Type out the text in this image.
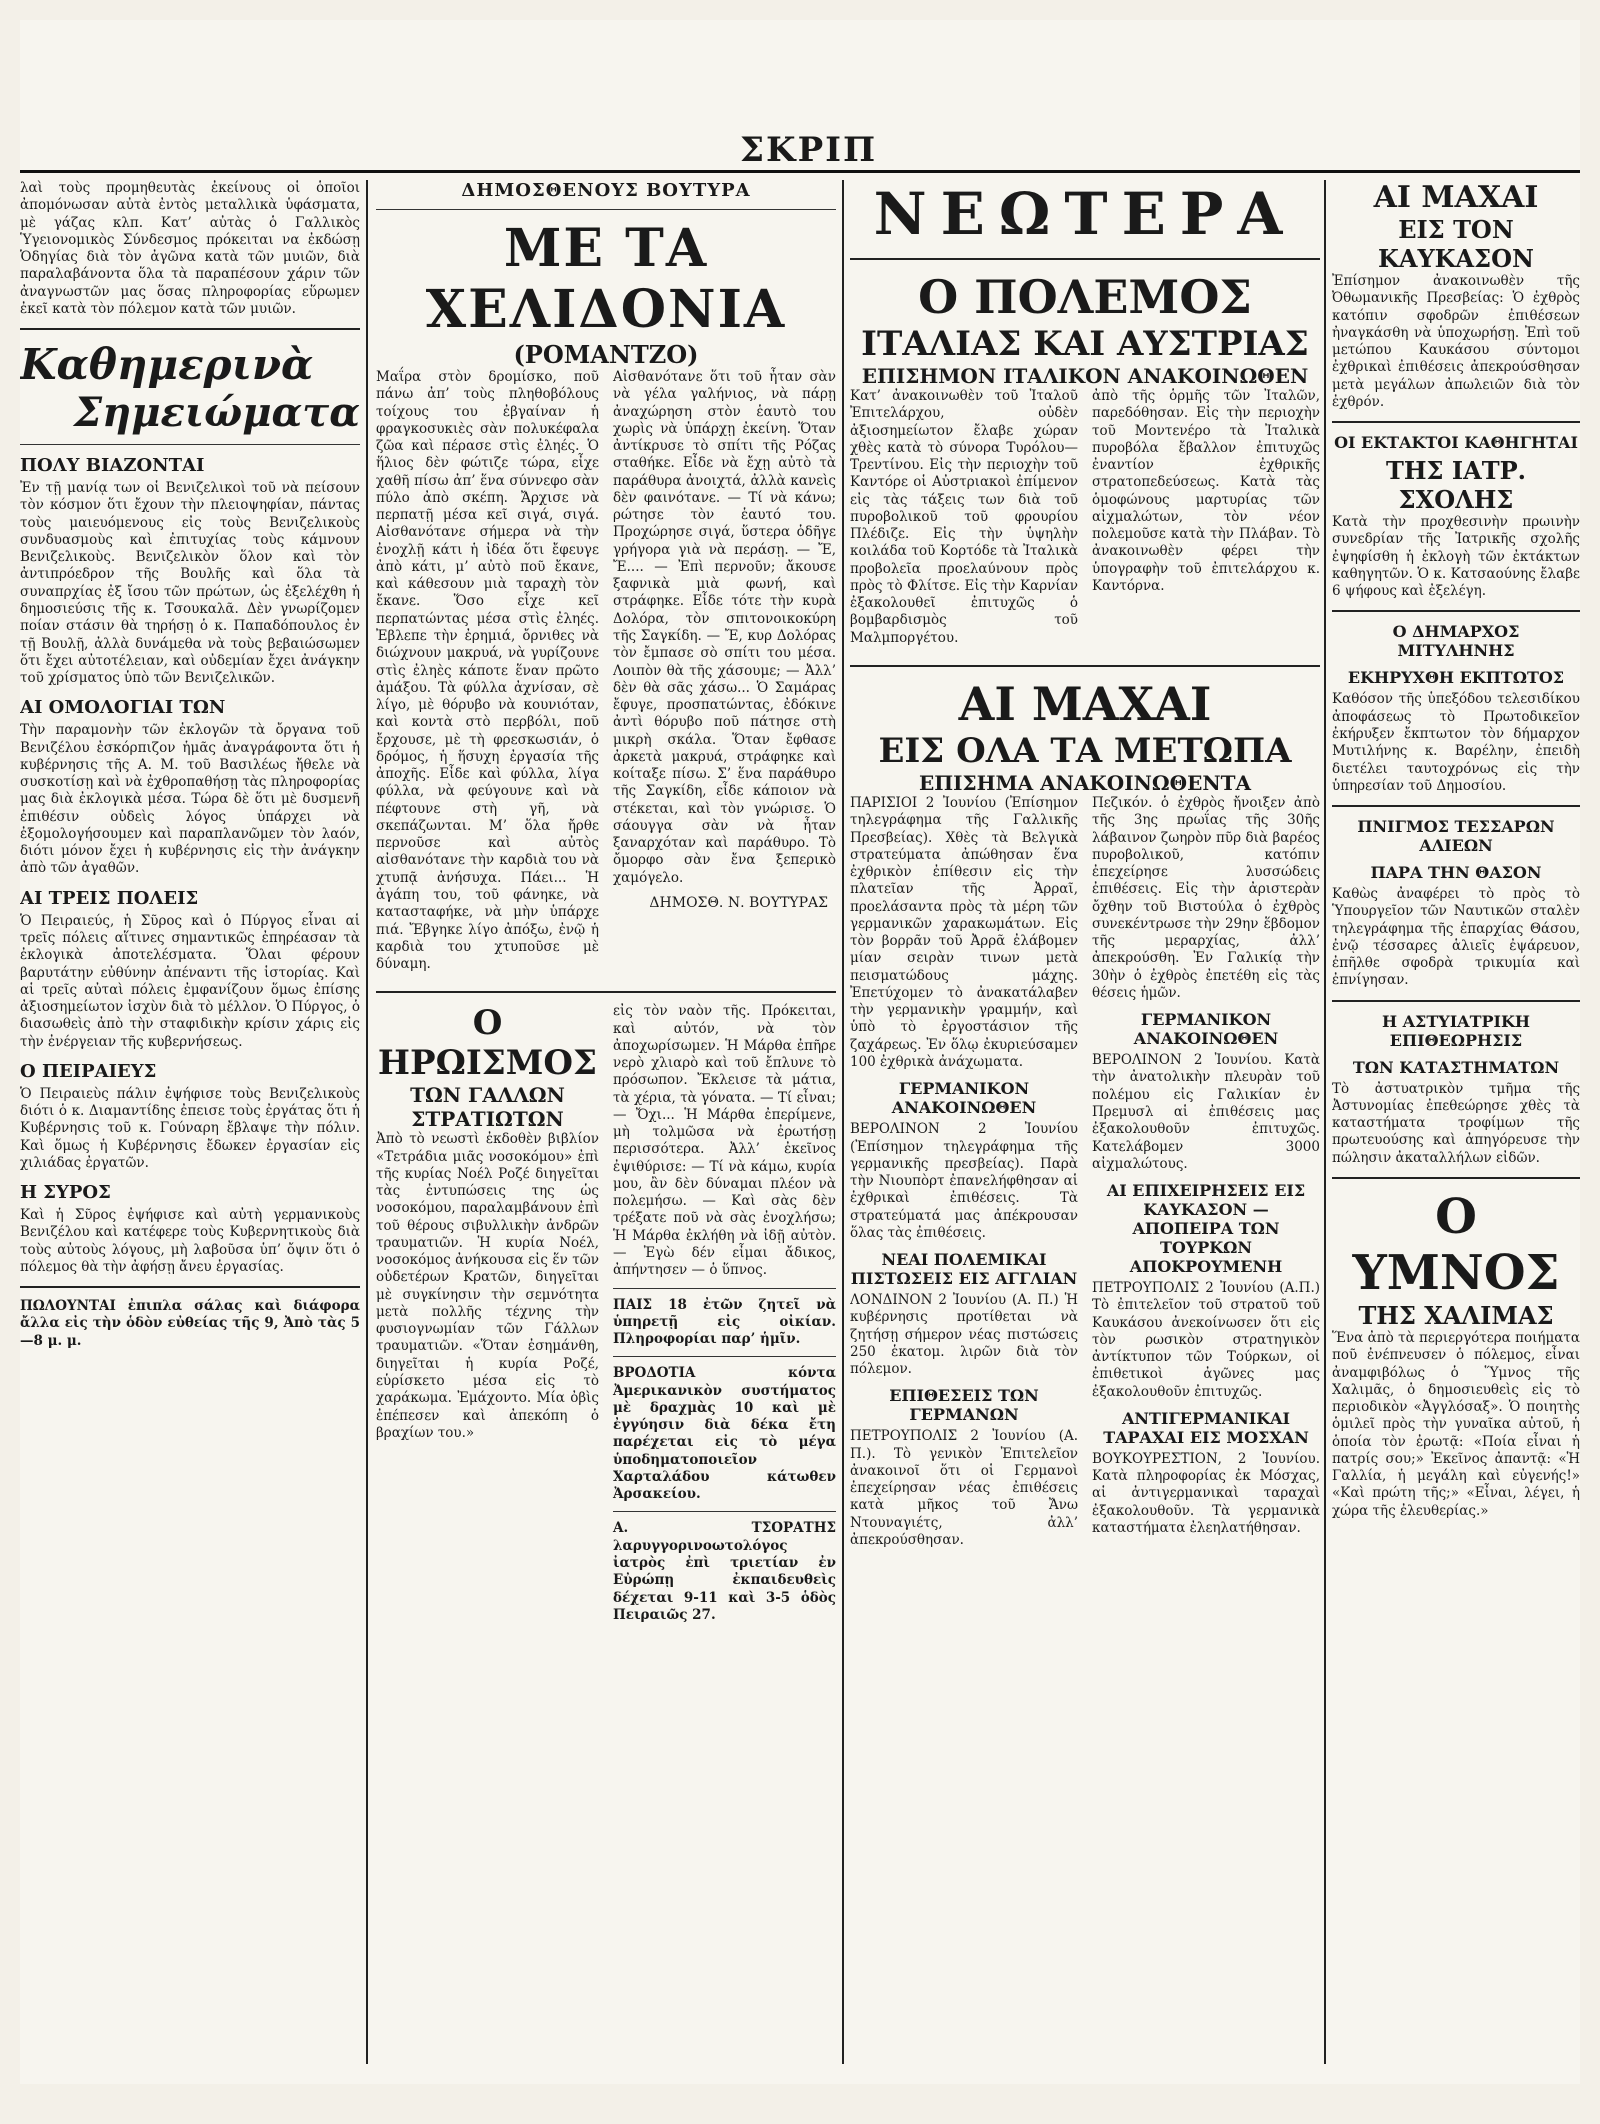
ΣΚΡΙΠ

λαὶ τοὺς προμηθευτὰς ἐκείνους οἱ ὁποῖοι ἀπομόνωσαν αὐτὰ ἐντὸς μεταλλικὰ ὑφάσματα, μὲ γάζας κλπ. Κατ’ αὐτὰς ὁ Γαλλικὸς Ὑγειονομικὸς Σύνδεσμος πρόκειται να ἐκδώσῃ Ὁδηγίας διὰ τὸν ἀγῶνα κατὰ τῶν μυιῶν, διὰ παραλαβάνοντα ὅλα τὰ παραπέσουν χάριν τῶν ἀναγνωστῶν μας ὅσας πληροφορίας εὕρωμεν ἐκεῖ κατὰ τὸν πόλεμον κατὰ τῶν μυιῶν.

Καθημερινὰ
Σημειώματα
ΠΟΛΥ ΒΙΑΖΟΝΤΑΙ

Ἐν τῇ μανίᾳ των οἱ Βενιζελικοὶ τοῦ νὰ πείσουν τὸν κόσμον ὅτι ἔχουν τὴν πλειοψηφίαν, πάντας τοὺς μαιευόμενους εἰς τοὺς Βενιζελικοὺς συνδυασμοὺς καὶ ἐπιτυχίας τοὺς κάμνουν Βενιζελικοὺς. Βενιζελικὸν ὅλον καὶ τὸν ἀντιπρόεδρον τῆς Βουλῆς καὶ ὅλα τὰ συναπρχίας ἐξ ἴσου τῶν πρώτων, ὡς ἐξελέχθη ἡ δημοσιεύσις τῆς κ. Τσουκαλᾶ. Δὲν γνωρίζομεν ποίαν στάσιν θὰ τηρήσῃ ὁ κ. Παπαδόπουλος ἐν τῇ Βουλῇ, ἀλλὰ δυνάμεθα νὰ τοὺς βεβαιώσωμεν ὅτι ἔχει αὐτοτέλειαν, καὶ οὐδεμίαν ἔχει ἀνάγκην τοῦ χρίσματος ὑπὸ τῶν Βενιζελικῶν.

ΑΙ ΟΜΟΛΟΓΙΑΙ ΤΩΝ

Τὴν παραμονὴν τῶν ἐκλογῶν τὰ ὄργανα τοῦ Βενιζέλου ἐσκόρπιζον ἡμᾶς ἀναγράφοντα ὅτι ἡ κυβέρνησις τῆς Α. Μ. τοῦ Βασιλέως ἤθελε νὰ συσκοτίσῃ καὶ νὰ ἐχθροπαθήσῃ τὰς πληροφορίας μας διὰ ἐκλογικὰ μέσα. Τώρα δὲ ὅτι μὲ δυσμενῆ ἐπιθέσιν οὐδεὶς λόγος ὑπάρχει νὰ ἐξομολογήσουμεν καὶ παραπλανῶμεν τὸν λαόν, διότι μόνον ἔχει ἡ κυβέρνησις εἰς τὴν ἀνάγκην ἀπὸ τῶν ἀγαθῶν.

ΑΙ ΤΡΕΙΣ ΠΟΛΕΙΣ

Ὁ Πειραιεύς, ἡ Σῦρος καὶ ὁ Πύργος εἶναι αἱ τρεῖς πόλεις αἵτινες σημαντικῶς ἐπηρέασαν τὰ ἐκλογικὰ ἀποτελέσματα. Ὅλαι φέρουν βαρυτάτην εὐθύνην ἀπέναντι τῆς ἱστορίας. Καὶ αἱ τρεῖς αὐταὶ πόλεις ἐμφανίζουν ὅμως ἐπίσης ἀξιοσημείωτον ἰσχὺν διὰ τὸ μέλλον. Ὁ Πύργος, ὁ διασωθεὶς ἀπὸ τὴν σταφιδικὴν κρίσιν χάρις εἰς τὴν ἐνέργειαν τῆς κυβερνήσεως.

Ο ΠΕΙΡΑΙΕΥΣ

Ὁ Πειραιεὺς πάλιν ἐψήφισε τοὺς Βενιζελικοὺς διότι ὁ κ. Διαμαντίδης ἐπεισε τοὺς ἐργάτας ὅτι ἡ Κυβέρνησις τοῦ κ. Γούναρη ἔβλαψε τὴν πόλιν. Καὶ ὅμως ἡ Κυβέρνησις ἔδωκεν ἐργασίαν εἰς χιλιάδας ἐργατῶν.

Η ΣΥΡΟΣ

Καὶ ἡ Σῦρος ἐψήφισε καὶ αὐτὴ γερμανικοὺς Βενιζέλου καὶ κατέφερε τοὺς Κυβερνητικοὺς διὰ τοὺς αὐτοὺς λόγους, μὴ λαβοῦσα ὑπ’ ὄψιν ὅτι ὁ πόλεμος θὰ τὴν ἀφήσῃ ἄνευ ἐργασίας.

ΠΩΛΟΥΝΤΑΙ ἐπιπλα σάλας καὶ διάφορα ἄλλα εἰς τὴν ὁδὸν εὐθείας τῆς 9, Ἀπὸ τὰς 5—8 μ. μ.

ΔΗΜΟΣΘΕΝΟΥΣ ΒΟΥΤΥΡΑ
ΜΕ ΤΑ ΧΕΛΙΔΟΝΙΑ
(ΡΟΜΑΝΤΖΟ)

Μαΐρα στὸν δρομίσκο, ποῦ πάνω ἀπ’ τοὺς πληθοβόλους τοίχους του ἐβγαίναν ἡ φραγκοσυκιὲς σὰν πολυκέφαλα ζῶα καὶ πέρασε στὶς ἐληές. Ὁ ἥλιος δὲν φώτιζε τώρα, εἶχε χαθῆ πίσω ἀπ’ ἕνα σύννεφο σὰν πύλο ἀπὸ σκέπη. Ἄρχισε νὰ περπατῇ μέσα κεῖ σιγά, σιγά. Αἰσθανότανε σήμερα νὰ τὴν ἐνοχλῇ κάτι ἡ ἰδέα ὅτι ἔφευγε ἀπὸ κάτι, μ’ αὐτὸ ποῦ ἔκανε, καὶ κάθεσουν μιὰ ταραχὴ τὸν ἔκανε. Ὅσο εἶχε κεῖ περπατώντας μέσα στὶς ἐληές. Ἐβλεπε τὴν ἐρημιά, ὄρνιθες νὰ διώχνουν μακρυά, νὰ γυρίζουνε στὶς ἐληὲς κάποτε ἕναν πρῶτο ἀμάξου. Τὰ φύλλα ἀχνίσαν, σὲ λίγο, μὲ θόρυβο νὰ κουνιόταν, καὶ κοντὰ στὸ περβόλι, ποῦ ἔρχουσε, μὲ τὴ φρεσκωσιάν, ὁ δρόμος, ἡ ἥσυχη ἐργασία τῆς ἀποχῆς. Εἶδε καὶ φύλλα, λίγα φύλλα, νὰ φεύγουνε καὶ νὰ πέφτουνε στὴ γῆ, νὰ σκεπάζωνται. Μ’ ὅλα ἤρθε περνοῦσε καὶ αὐτὸς αἰσθανότανε τὴν καρδιὰ του νὰ χτυπᾷ ἀνήσυχα. Πάει... Ἡ ἀγάπη του, τοῦ φάνηκε, νὰ κατασταφήκε, νὰ μὴν ὑπάρχε πιά. Ἔβγηκε λίγο ἀπόξω, ἐνῷ ἡ καρδιὰ του χτυποῦσε μὲ δύναμη.

Αἰσθανότανε ὅτι τοῦ ἦταν σὰν νὰ γέλα γαλήνιος, νὰ πάρῃ ἀναχώρηση στὸν ἑαυτὸ του χωρὶς νὰ ὑπάρχῃ ἐκείνη. Ὅταν ἀντίκρυσε τὸ σπίτι τῆς Ρόζας σταθήκε. Εἶδε νὰ ἔχῃ αὐτὸ τὰ παράθυρα ἀνοιχτά, ἀλλὰ κανεὶς δὲν φαινότανε. — Τί νὰ κάνω; ρώτησε τὸν ἑαυτό του. Προχώρησε σιγά, ὕστερα ὁδῆγε γρήγορα γιὰ νὰ περάσῃ. — Ἔ, Ἔ.... — Ἐπὶ περνοῦν; ἄκουσε ξαφνικὰ μιὰ φωνή, καὶ στράφηκε. Εἶδε τότε τὴν κυρὰ Δολόρα, τὸν σπιτονοικοκύρη τῆς Σαγκίδη. — Ἔ, κυρ Δολόρας τὸν ἔμπασε σὸ σπίτι του μέσα. Λοιπὸν θὰ τῆς χάσουμε; — Ἀλλ’ δὲν θὰ σᾶς χάσω... Ὁ Σαμάρας ἔφυγε, προσπατώντας, ἐδόκινε ἀντὶ θόρυβο ποῦ πάτησε στὴ μικρὴ σκάλα. Ὅταν ἔφθασε ἀρκετὰ μακρυά, στράφηκε καὶ κοίταξε πίσω. Σ’ ἕνα παράθυρο τῆς Σαγκίδη, εἶδε κάποιον νὰ στέκεται, καὶ τὸν γνώρισε. Ὁ σάουγγα σὰν νὰ ἦταν ξαναρχόταν καὶ παράθυρο. Τὸ ὄμορφο σὰν ἔνα ξεπερικὸ χαμόγελο.

ΔΗΜΟΣΘ. Ν. ΒΟΥΤΥΡΑΣ
Ο ΗΡΩΙΣΜΟΣ
ΤΩΝ ΓΑΛΛΩΝ ΣΤΡΑΤΙΩΤΩΝ

Ἀπὸ τὸ νεωστὶ ἐκδοθὲν βιβλίον «Τετράδια μιᾶς νοσοκόμου» ἐπὶ τῆς κυρίας Νοέλ Ροζέ διηγεῖται τὰς ἐντυπώσεις της ὡς νοσοκόμου, παραλαμβάνουν ἐπὶ τοῦ θέρους σιβυλλικὴν ἀνδρῶν τραυματιῶν. Ἡ κυρία Νοέλ, νοσοκόμος ἀνήκουσα εἰς ἕν τῶν οὐδετέρων Κρατῶν, διηγεῖται μὲ συγκίνησιν τὴν σεμνότητα μετὰ πολλῆς τέχνης τὴν φυσιογνωμίαν τῶν Γάλλων τραυματιῶν. «Ὅταν ἐσημάνθη, διηγεῖται ἡ κυρία Ροζέ, εὑρίσκετο μέσα εἰς τὸ χαράκωμα. Ἐμάχοντο. Μία ὀβὶς ἐπέπεσεν καὶ ἀπεκόπη ὁ βραχίων του.»

εἰς τὸν ναὸν τῆς. Πρόκειται, καὶ αὐτόν, νὰ τὸν ἀποχωρίσωμεν. Ἡ Μάρθα ἐπῆρε νερὸ χλιαρὸ καὶ τοῦ ἔπλυνε τὸ πρόσωπον. Ἔκλεισε τὰ μάτια, τὰ χέρια, τὰ γόνατα. — Τί εἶναι; — Ὄχι... Ἡ Μάρθα ἐπερίμενε, μὴ τολμῶσα νὰ ἐρωτήσῃ περισσότερα. Ἀλλ’ ἐκεῖνος ἐψιθύρισε: — Τί νὰ κάμω, κυρία μου, ἂν δὲν δύναμαι πλέον νὰ πολεμήσω. — Καὶ σὰς δὲν τρέξατε ποῦ νὰ σὰς ἐνοχλήσω; Ἡ Μάρθα ἐκλήθη νὰ ἰδῇ αὐτὸν. — Ἐγὼ δέν εἶμαι ἄδικος, ἀπήντησεν — ὁ ὕπνος.

ΠΑΙΣ 18 ἐτῶν ζητεῖ νὰ ὑπηρετῇ εἰς οἰκίαν. Πληροφορίαι παρ’ ἡμῖν.

ΒΡΟΔΟΤΙΑ κόντα Ἀμερικανικὸν συστήματος μὲ δραχμὰς 10 καὶ μὲ ἐγγύησιν διὰ δέκα ἔτη παρέχεται εἰς τὸ μέγα ὑποδηματοποιεῖον Χαρταλάδου κάτωθεν Ἀρσακείου.

Α. ΤΣΟΡΑΤΗΣ λαρυγγορινοωτολόγος ἰατρὸς ἐπὶ τριετίαν ἐν Εὐρώπῃ ἐκπαιδευθεὶς δέχεται 9-11 καὶ 3-5 ὁδὸς Πειραιῶς 27.

ΝΕΩΤΕΡΑ
Ο ΠΟΛΕΜΟΣ
ΙΤΑΛΙΑΣ ΚΑΙ ΑΥΣΤΡΙΑΣ
ΕΠΙΣΗΜΟΝ ΙΤΑΛΙΚΟΝ ΑΝΑΚΟΙΝΩΘΕΝ

Κατ’ ἀνακοινωθὲν τοῦ Ἰταλοῦ Ἐπιτελάρχου, οὐδὲν ἀξιοσημείωτον ἔλαβε χώραν χθὲς κατὰ τὸ σύνορα Τυρόλου—Τρεντίνου. Εἰς τὴν περιοχὴν τοῦ Καντόρε οἱ Αὐστριακοὶ ἐπίμενον εἰς τὰς τάξεις των διὰ τοῦ πυροβολικοῦ τοῦ φρουρίου Πλέδιζε. Εἰς τὴν ὑψηλὴν κοιλάδα τοῦ Κορτόδε τὰ Ἰταλικὰ προβολεῖα προελαύνουν πρὸς πρὸς τὸ Φλίτσε. Εἰς τὴν Καρνίαν ἐξακολουθεῖ ἐπιτυχῶς ὁ βομβαρδισμὸς τοῦ Μαλμποργέτου.

ἀπὸ τῆς ὁρμῆς τῶν Ἰταλῶν, παρεδόθησαν. Εἰς τὴν περιοχὴν τοῦ Μοντενέρο τὰ Ἰταλικὰ πυροβόλα ἔβαλλον ἐπιτυχῶς ἐναντίον ἐχθρικῆς στρατοπεδεύσεως. Κατὰ τὰς ὁμοφώνους μαρτυρίας τῶν αἰχμαλώτων, τὸν νέον πολεμοῦσε κατὰ τὴν Πλάβαν. Τὸ ἀνακοινωθὲν φέρει τὴν ὑπογραφὴν τοῦ ἐπιτελάρχου κ. Καντόρνα.

ΑΙ ΜΑΧΑΙ
ΕΙΣ ΟΛΑ ΤΑ ΜΕΤΩΠΑ
ΕΠΙΣΗΜΑ ΑΝΑΚΟΙΝΩΘΕΝΤΑ

ΠΑΡΙΣΙΟΙ 2 Ἰουνίου (Ἐπίσημον τηλεγράφημα τῆς Γαλλικῆς Πρεσβείας). Χθὲς τὰ Βελγικὰ στρατεύματα ἀπώθησαν ἕνα ἐχθρικὸν ἐπίθεσιν εἰς τὴν πλατεῖαν τῆς Ἀρραῖ, προελάσαντα πρὸς τὰ μέρη τῶν γερμανικῶν χαρακωμάτων. Εἰς τὸν βορρᾶν τοῦ Ἀρρᾶ ἐλάβομεν μίαν σειρὰν τινων μετὰ πεισματώδους μάχης. Ἐπετύχομεν τὸ ἀνακατάλαβεν τὴν γερμανικὴν γραμμήν, καὶ ὑπὸ τὸ ἐργοστάσιον τῆς ζαχάρεως. Ἐν ὅλῳ ἐκυριεύσαμεν 100 ἐχθρικὰ ἀνάχωματα.

ΓΕΡΜΑΝΙΚΟΝ ΑΝΑΚΟΙΝΩΘΕΝ

ΒΕΡΟΛΙΝΟΝ 2 Ἰουνίου (Ἐπίσημον τηλεγράφημα τῆς γερμανικῆς πρεσβείας). Παρὰ τὴν Νιουπὸρτ ἐπανελήφθησαν αἱ ἐχθρικαὶ ἐπιθέσεις. Τὰ στρατεύματά μας ἀπέκρουσαν ὅλας τὰς ἐπιθέσεις.

ΝΕΑΙ ΠΟΛΕΜΙΚΑΙ ΠΙΣΤΩΣΕΙΣ ΕΙΣ ΑΓΓΛΙΑΝ

ΛΟΝΔΙΝΟΝ 2 Ἰουνίου (Α. Π.) Ἡ κυβέρνησις προτίθεται νὰ ζητήσῃ σήμερον νέας πιστώσεις 250 ἑκατομ. λιρῶν διὰ τὸν πόλεμον.

ΕΠΙΘΕΣΕΙΣ ΤΩΝ ΓΕΡΜΑΝΩΝ

ΠΕΤΡΟΥΠΟΛΙΣ 2 Ἰουνίου (Α. Π.). Τὸ γενικὸν Ἐπιτελεῖον ἀνακοινοῖ ὅτι οἱ Γερμανοὶ ἐπεχείρησαν νέας ἐπιθέσεις κατὰ μῆκος τοῦ Ἄνω Ντουναγιέτς, ἀλλ’ ἀπεκρούσθησαν.

Πεζικόν. ὁ ἐχθρὸς ἤνοιξεν ἀπὸ τῆς 3ης πρωΐας τῆς 30ῆς λάβαινον ζωηρὸν πῦρ διὰ βαρέος πυροβολικοῦ, κατόπιν ἐπεχείρησε λυσσώδεις ἐπιθέσεις. Εἰς τὴν ἀριστερὰν ὄχθην τοῦ Βιστούλα ὁ ἐχθρὸς συνεκέντρωσε τὴν 29ην ἕβδομον τῆς μεραρχίας, ἀλλ’ ἀπεκρούσθη. Ἐν Γαλικίᾳ τὴν 30ὴν ὁ ἐχθρὸς ἐπετέθη εἰς τὰς θέσεις ἡμῶν.

ΓΕΡΜΑΝΙΚΟΝ ΑΝΑΚΟΙΝΩΘΕΝ

ΒΕΡΟΛΙΝΟΝ 2 Ἰουνίου. Κατὰ τὴν ἀνατολικὴν πλευρὰν τοῦ πολέμου εἰς Γαλικίαν ἐν Πρεμυσλ αἱ ἐπιθέσεις μας ἐξακολουθοῦν ἐπιτυχῶς. Κατελάβομεν 3000 αἰχμαλώτους.

ΑΙ ΕΠΙΧΕΙΡΗΣΕΙΣ ΕΙΣ ΚΑΥΚΑΣΟΝ — ΑΠΟΠΕΙΡΑ ΤΩΝ ΤΟΥΡΚΩΝ ΑΠΟΚΡΟΥΜΕΝΗ

ΠΕΤΡΟΥΠΟΛΙΣ 2 Ἰουνίου (Α.Π.) Τὸ ἐπιτελεῖον τοῦ στρατοῦ τοῦ Καυκάσου ἀνεκοίνωσεν ὅτι εἰς τὸν ρωσικὸν στρατηγικὸν ἀντίκτυπον τῶν Τούρκων, οἱ ἐπιθετικοὶ ἀγῶνες μας ἐξακολουθοῦν ἐπιτυχῶς.

ΑΝΤΙΓΕΡΜΑΝΙΚΑΙ ΤΑΡΑΧΑΙ ΕΙΣ ΜΟΣΧΑΝ

ΒΟΥΚΟΥΡΕΣΤΙΟΝ, 2 Ἰουνίου. Κατὰ πληροφορίας ἐκ Μόσχας, αἱ ἀντιγερμανικαὶ ταραχαὶ ἐξακολουθοῦν. Τὰ γερμανικὰ καταστήματα ἐλεηλατήθησαν.

ΑΙ ΜΑΧΑΙ
ΕΙΣ ΤΟΝ ΚΑΥΚΑΣΟΝ

Ἐπίσημον ἀνακοινωθὲν τῆς Ὀθωμανικῆς Πρεσβείας: Ὁ ἐχθρὸς κατόπιν σφοδρῶν ἐπιθέσεων ἠναγκάσθη νὰ ὑποχωρήσῃ. Ἐπὶ τοῦ μετώπου Καυκάσου σύντομοι ἐχθρικαὶ ἐπιθέσεις ἀπεκρούσθησαν μετὰ μεγάλων ἀπωλειῶν διὰ τὸν ἐχθρόν.

ΟΙ ΕΚΤΑΚΤΟΙ ΚΑΘΗΓΗΤΑΙ
ΤΗΣ ΙΑΤΡ. ΣΧΟΛΗΣ

Κατὰ τὴν προχθεσινὴν πρωινὴν συνεδρίαν τῆς Ἰατρικῆς σχολῆς ἐψηφίσθη ἡ ἐκλογὴ τῶν ἐκτάκτων καθηγητῶν. Ὁ κ. Κατσαούνης ἔλαβε 6 ψήφους καὶ ἐξελέγη.

Ο ΔΗΜΑΡΧΟΣ ΜΙΤΥΛΗΝΗΣ
ΕΚΗΡΥΧΘΗ ΕΚΠΤΩΤΟΣ

Καθόσον τῆς ὑπεξόδου τελεσιδίκου ἀποφάσεως τὸ Πρωτοδικεῖον ἐκήρυξεν ἔκπτωτον τὸν δήμαρχον Μυτιλήνης κ. Βαρέλην, ἐπειδὴ διετέλει ταυτοχρόνως εἰς τὴν ὑπηρεσίαν τοῦ Δημοσίου.

ΠΝΙΓΜΟΣ ΤΕΣΣΑΡΩΝ ΑΛΙΕΩΝ
ΠΑΡΑ ΤΗΝ ΘΑΣΟΝ

Καθὼς ἀναφέρει τὸ πρὸς τὸ Ὑπουργεῖον τῶν Ναυτικῶν σταλὲν τηλεγράφημα τῆς ἐπαρχίας Θάσου, ἐνῷ τέσσαρες ἁλιεῖς ἐψάρευον, ἐπῆλθε σφοδρὰ τρικυμία καὶ ἐπνίγησαν.

Η ΑΣΤΥΙΑΤΡΙΚΗ ΕΠΙΘΕΩΡΗΣΙΣ
ΤΩΝ ΚΑΤΑΣΤΗΜΑΤΩΝ

Τὸ ἀστυατρικὸν τμῆμα τῆς Ἀστυνομίας ἐπεθεώρησε χθὲς τὰ καταστήματα τροφίμων τῆς πρωτευούσης καὶ ἀπηγόρευσε τὴν πώλησιν ἀκαταλλήλων εἰδῶν.

Ο ΥΜΝΟΣ
ΤΗΣ ΧΑΛΙΜΑΣ

Ἕνα ἀπὸ τὰ περιεργότερα ποιήματα ποῦ ἐνέπνευσεν ὁ πόλεμος, εἶναι ἀναμφιβόλως ὁ Ὕμνος τῆς Χαλιμᾶς, ὁ δημοσιευθεὶς εἰς τὸ περιοδικὸν «Ἀγγλόσαξ». Ὁ ποιητὴς ὁμιλεῖ πρὸς τὴν γυναῖκα αὐτοῦ, ἡ ὁποία τὸν ἐρωτᾷ: «Ποία εἶναι ἡ πατρίς σου;» Ἐκεῖνος ἀπαντᾷ: «Ἡ Γαλλία, ἡ μεγάλη καὶ εὐγενής!» «Καὶ πρώτη τῆς;» «Εἶναι, λέγει, ἡ χώρα τῆς ἐλευθερίας.»
